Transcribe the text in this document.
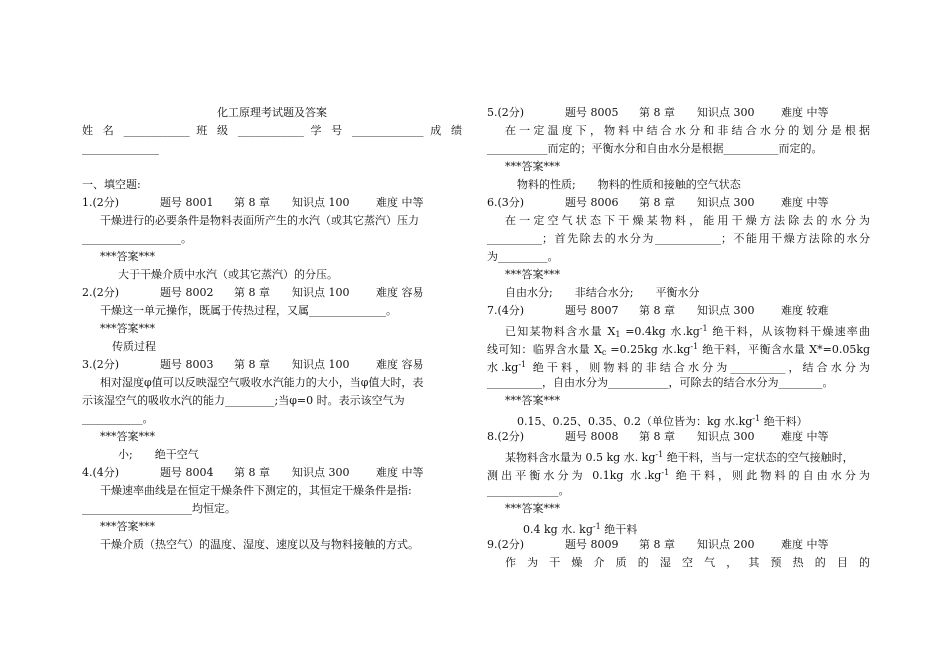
化工原理考试题及答案
姓 名 ____________ 班 级 ____________ 学 号 _____________ 成 绩
______________
一、填空题:
1.(2分)	题号 8001 第 8 章 知识点 100 难度 中等
干燥进行的必要条件是物料表面所产生的水汽（或其它蒸汽）压力
__________________。
***答案***
大于干燥介质中水汽（或其它蒸汽）的分压。
2.(2分)	题号 8002 第 8 章 知识点 100 难度 容易
干燥这一单元操作，既属于传热过程，又属______________。
***答案***
传质过程
3.(2分)	题号 8003 第 8 章 知识点 100 难度 容易
相对湿度φ值可以反映湿空气吸收水汽能力的大小，当φ值大时，表
示该湿空气的吸收水汽的能力_________;当φ=0 时。表示该空气为
___________。
***答案***
小; 绝干空气
4.(4分)	题号 8004 第 8 章 知识点 300 难度 中等
干燥速率曲线是在恒定干燥条件下测定的，其恒定干燥条件是指:
____________________均恒定。
***答案***
干燥介质（热空气）的温度、湿度、速度以及与物料接触的方式。
5.(2分)	题号 8005 第 8 章 知识点 300 难度 中等
在一定温度下，物料中结合水分和非结合水分的划分是根据
___________而定的；平衡水分和自由水分是根据__________而定的。
***答案***
物料的性质; 物料的性质和接触的空气状态
6.(3分)	题号 8006 第 8 章 知识点 300 难度 中等
在一定空气状态下干燥某物料，能用干燥方法除去的水分为
__________；首先除去的水分为____________；不能用干燥方法除的水分
为_________。
***答案***
自由水分; 非结合水分; 平衡水分
7.(4分)	题号 8007 第 8 章 知识点 300 难度 较难
已知某物料含水量 $X_1 =0.4kg$ 水$.kg^{-1}$ 绝干料，从该物料干燥速率曲
线可知：临界含水量 $X_c =0.25kg$ 水$.kg^{-1}$ 绝干料，平衡含水量 X*=0.05kg
水$.kg^{-1}$ 绝干料，则物料的非结合水分为__________，结合水分为
__________，自由水分为___________，可除去的结合水分为________。
***答案***
0.15、0.25、0.35、0.2（单位皆为：kg 水$.kg^{-1}$ 绝干料）
8.(2分)	题号 8008 第 8 章 知识点 300 难度 中等
某物料含水量为 0.5 kg 水. $kg^{-1}$ 绝干料，当与一定状态的空气接触时，
测出平衡水分为 0.1kg 水$.kg^{-1}$ 绝干料，则此物料的自由水分为
_____________。
***答案***
0.4 kg 水. $kg^{-1}$ 绝干料
9.(2分)	题号 8009 第 8 章 知识点 200 难度 中等
作 为 干 燥 介 质 的 湿 空 气 ， 其 预 热 的 目 的
